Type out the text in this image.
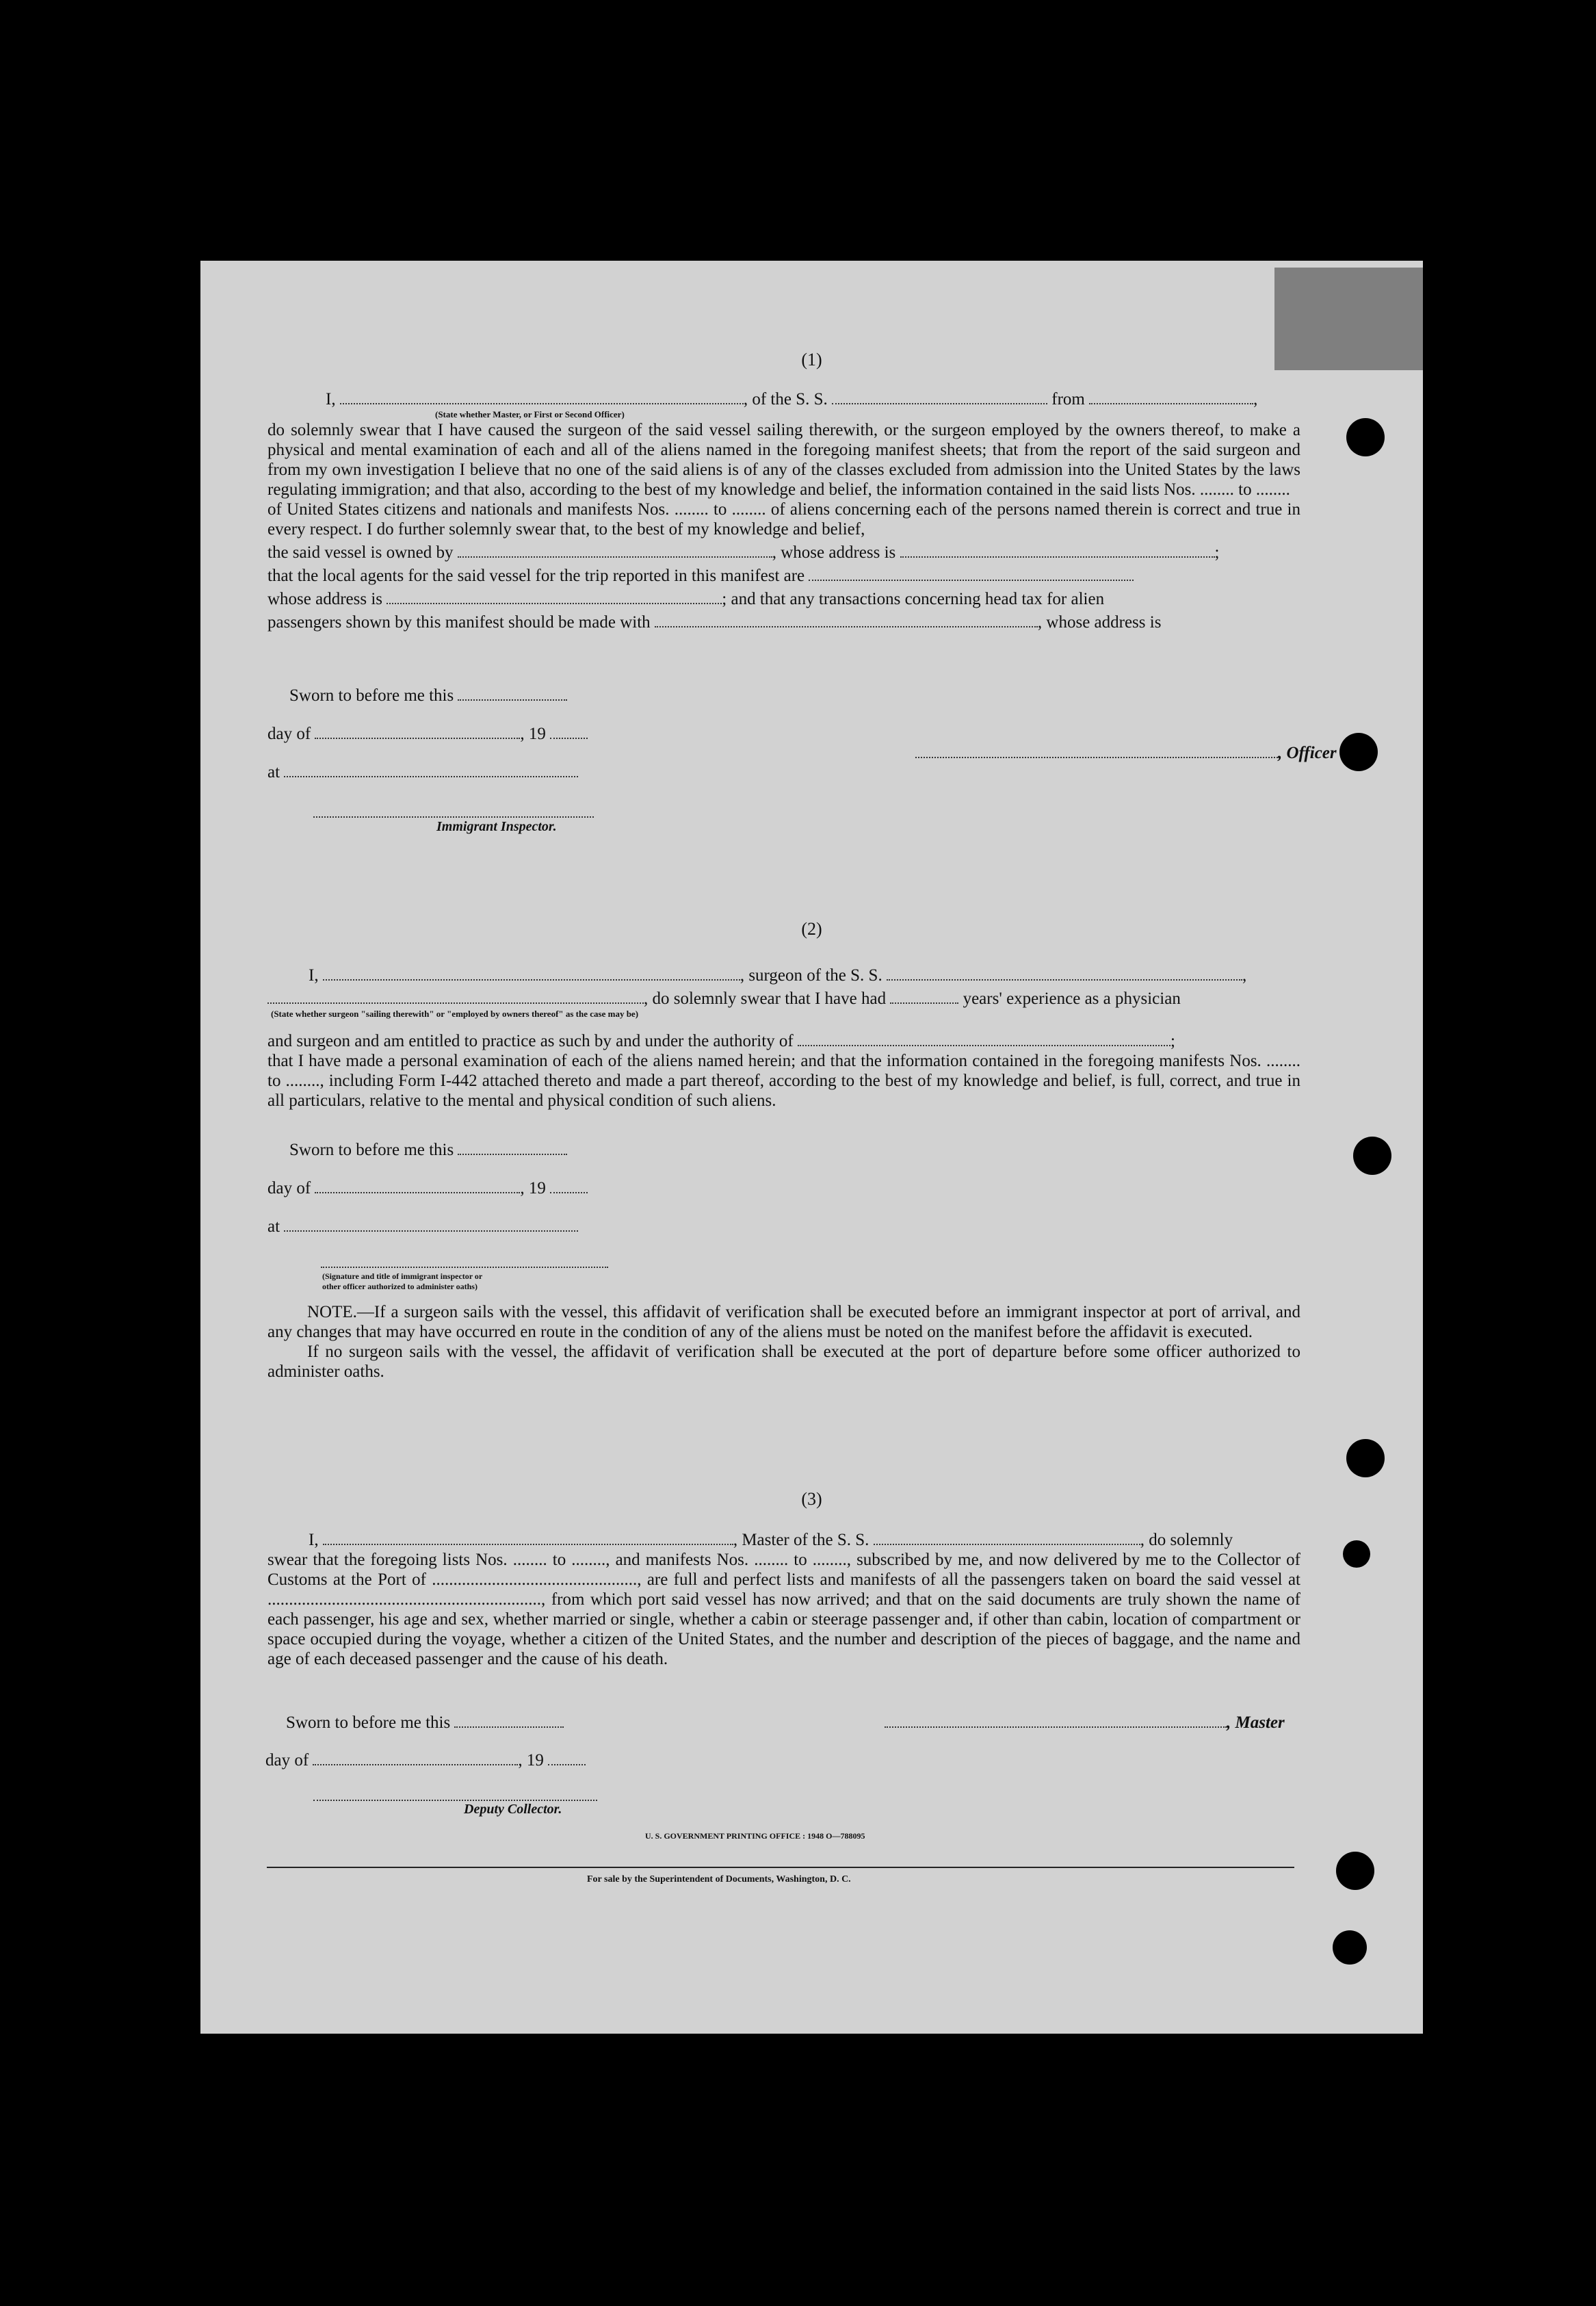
(1)
I,	, of the S. S.	from	,
(State whether Master, or First or Second Officer)
do solemnly swear that I have caused the surgeon of the said vessel sailing therewith, or the surgeon employed by the owners thereof, to make a physical and mental examination of each and all of the aliens named in the foregoing manifest sheets; that from the report of the said surgeon and from my own investigation I believe that no one of the said aliens is of any of the classes excluded from admission into the United States by the laws regulating immigration; and that also, according to the best of my knowledge and belief, the information contained in the said lists Nos. ........ to ........
of United States citizens and nationals and manifests Nos. ........ to ........ of aliens concerning each of the persons named therein is correct and true in every respect. I do further solemnly swear that, to the best of my knowledge and belief,
the said vessel is owned by	, whose address is	;
that the local agents for the said vessel for the trip reported in this manifest are
whose address is	; and that any transactions concerning head tax for alien
passengers shown by this manifest should be made with	, whose address is
Sworn to before me this
day of	, 19
, Officer
at
Immigrant Inspector.
(2)
I,	, surgeon of the S. S.	,
, do solemnly swear that I have had	years' experience as a physician
(State whether surgeon "sailing therewith" or "employed by owners thereof" as the case may be)
and surgeon and am entitled to practice as such by and under the authority of	;
that I have made a personal examination of each of the aliens named herein; and that the information contained in the foregoing manifests Nos. ........ to ........, including Form I-442 attached thereto and made a part thereof, according to the best of my knowledge and belief, is full, correct, and true in all particulars, relative to the mental and physical condition of such aliens.
Sworn to before me this
day of	, 19
at
(Signature and title of immigrant inspector or
other officer authorized to administer oaths)
NOTE.—If a surgeon sails with the vessel, this affidavit of verification shall be executed before an immigrant inspector at port of arrival, and any changes that may have occurred en route in the condition of any of the aliens must be noted on the manifest before the affidavit is executed.
If no surgeon sails with the vessel, the affidavit of verification shall be executed at the port of departure before some officer authorized to administer oaths.
(3)
I,	, Master of the S. S.	, do solemnly
swear that the foregoing lists Nos. ........ to ........, and manifests Nos. ........ to ........, subscribed by me, and now delivered by me to the Collector of Customs at the Port of ................................................, are full and perfect lists and manifests of all the passengers taken on board the said vessel at ................................................................, from which port said vessel has now arrived; and that on the said documents are truly shown the name of each passenger, his age and sex, whether married or single, whether a cabin or steerage passenger and, if other than cabin, location of compartment or space occupied during the voyage, whether a citizen of the United States, and the number and description of the pieces of baggage, and the name and age of each deceased passenger and the cause of his death.
Sworn to before me this	, Master
day of	, 19
Deputy Collector.
U. S. GOVERNMENT PRINTING OFFICE : 1948 O—788095
For sale by the Superintendent of Documents, Washington, D. C.
